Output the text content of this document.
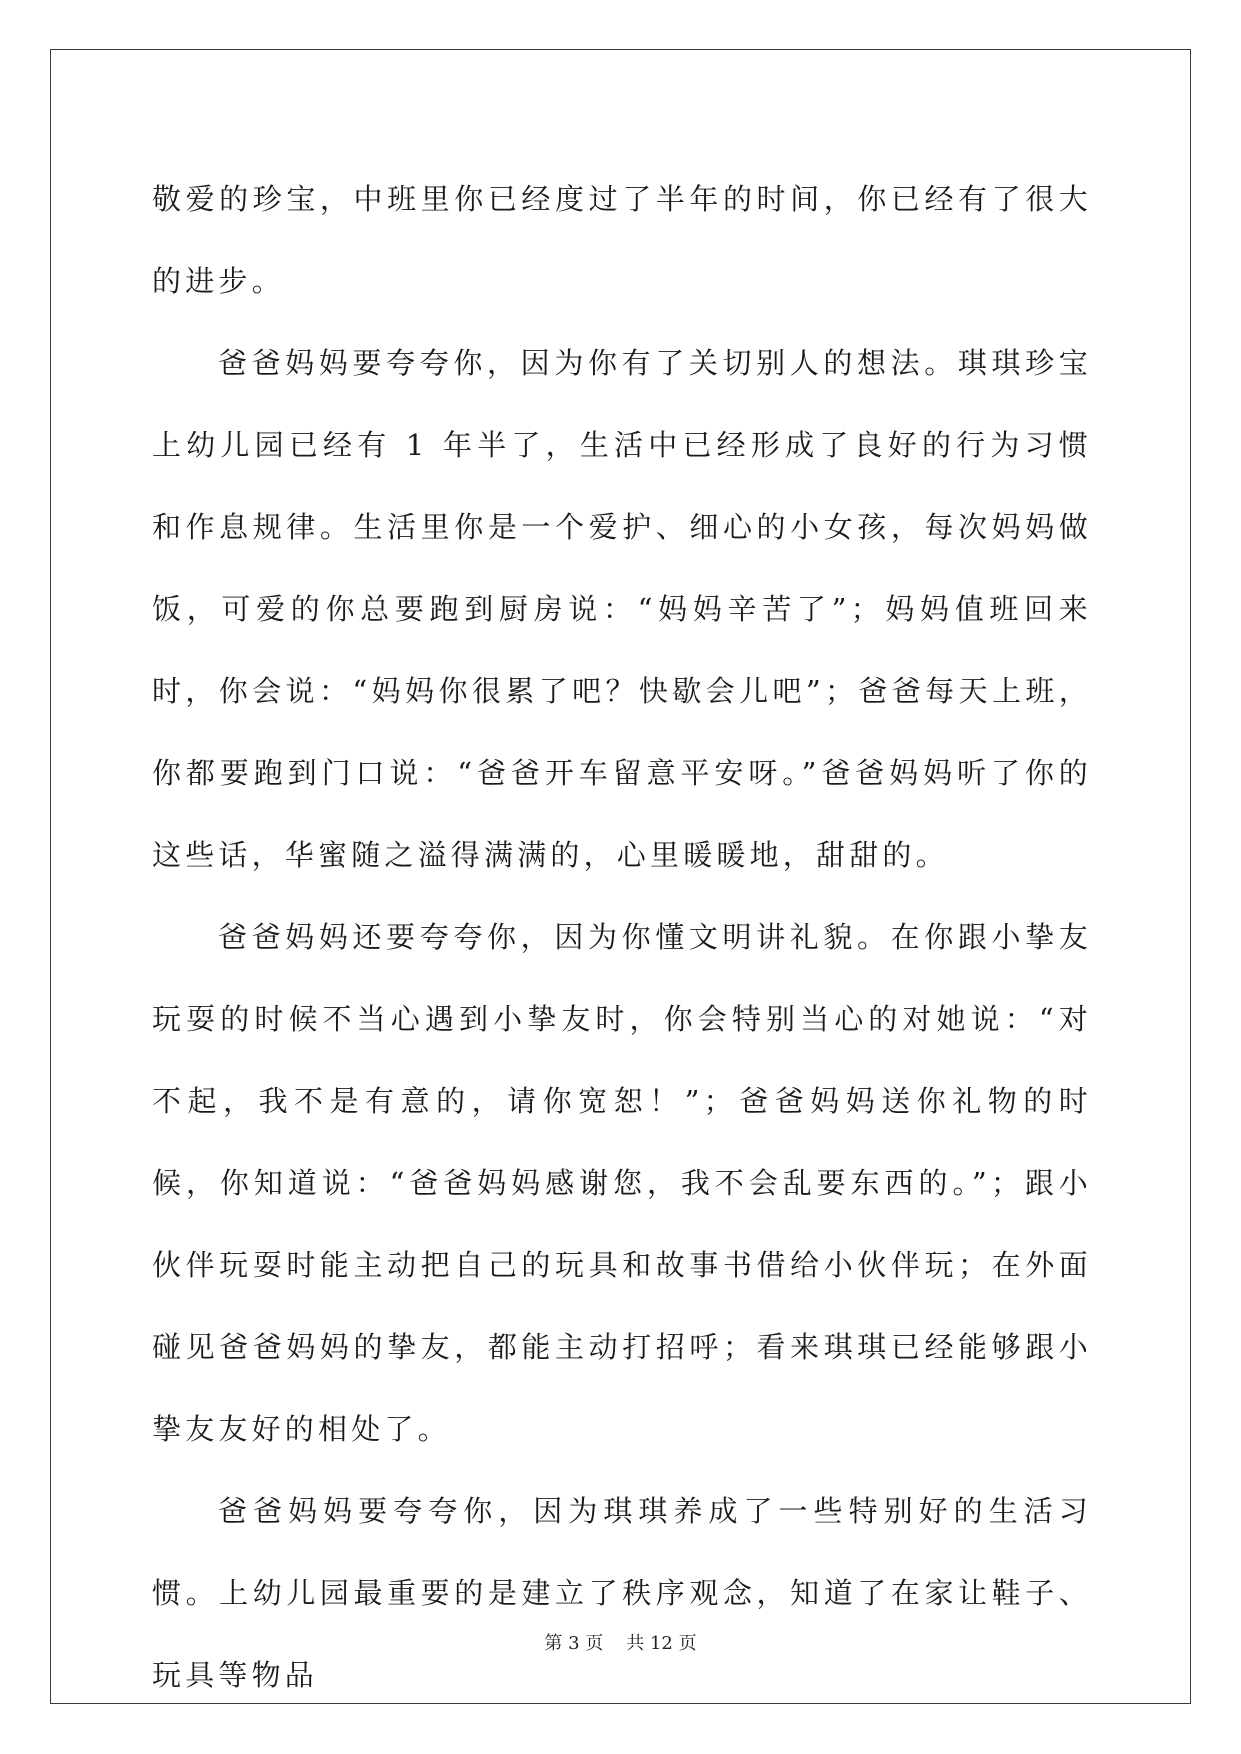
敬爱的珍宝，中班里你已经度过了半年的时间，你已经有了很大的进步。

爸爸妈妈要夸夸你，因为你有了关切别人的想法。琪琪珍宝上幼儿园已经有 1 年半了，生活中已经形成了良好的行为习惯和作息规律。生活里你是一个爱护、细心的小女孩，每次妈妈做饭，可爱的你总要跑到厨房说：“妈妈辛苦了”；妈妈值班回来时，你会说：“妈妈你很累了吧？快歇会儿吧”；爸爸每天上班，你都要跑到门口说：“爸爸开车留意平安呀。”爸爸妈妈听了你的这些话，华蜜随之溢得满满的，心里暖暖地，甜甜的。

爸爸妈妈还要夸夸你，因为你懂文明讲礼貌。在你跟小挚友玩耍的时候不当心遇到小挚友时，你会特别当心的对她说：“对不起，我不是有意的，请你宽恕！”；爸爸妈妈送你礼物的时候，你知道说：“爸爸妈妈感谢您，我不会乱要东西的。”；跟小伙伴玩耍时能主动把自己的玩具和故事书借给小伙伴玩；在外面碰见爸爸妈妈的挚友，都能主动打招呼；看来琪琪已经能够跟小挚友友好的相处了。

爸爸妈妈要夸夸你，因为琪琪养成了一些特别好的生活习惯。上幼儿园最重要的是建立了秩序观念，知道了在家让鞋子、玩具等物品

第 3 页 共 12 页
